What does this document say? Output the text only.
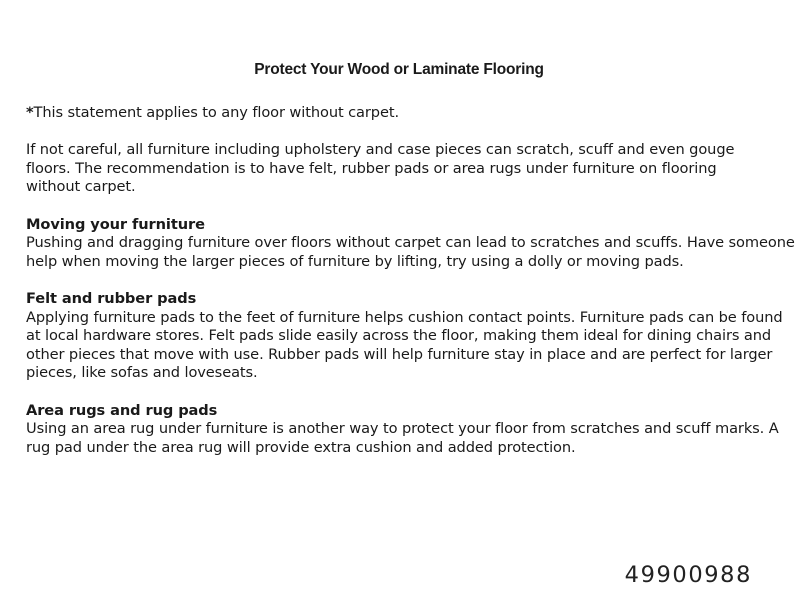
Protect Your Wood or Laminate Flooring

*This statement applies to any floor without carpet.

If not careful, all furniture including upholstery and case pieces can scratch, scuff and even gouge
floors. The recommendation is to have felt, rubber pads or area rugs under furniture on flooring
without carpet.
Moving your furniture
Pushing and dragging furniture over floors without carpet can lead to scratches and scuffs. Have someone
help when moving the larger pieces of furniture by lifting, try using a dolly or moving pads.
Felt and rubber pads
Applying furniture pads to the feet of furniture helps cushion contact points. Furniture pads can be found
at local hardware stores. Felt pads slide easily across the floor, making them ideal for dining chairs and
other pieces that move with use. Rubber pads will help furniture stay in place and are perfect for larger
pieces, like sofas and loveseats.
Area rugs and rug pads
Using an area rug under furniture is another way to protect your floor from scratches and scuff marks. A
rug pad under the area rug will provide extra cushion and added protection.
49900988
